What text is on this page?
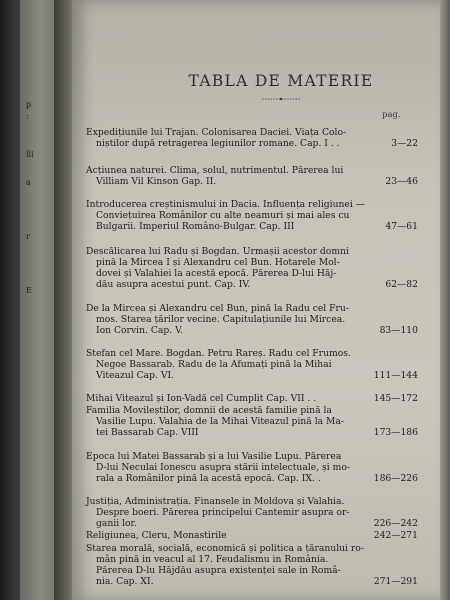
p
:
lli
a
r
E
TABLA DE MATERIE
pag.
Expedițiunile lui Trajan. Colonisarea Daciei. Viața Colo-
niștilor după retragerea legiunilor romane. Cap. I . .	3—22
Acțiunea naturei. Clima, solul, nutrimentul. Părerea lui
Villiam Vil Kinson Gap. II.	23—46
Introducerea creștinismului in Dacia. Influența religiunei —
Conviețuirea Românilor cu alte neamuri și mai ales cu
Bulgarii. Imperiul Româno-Bulgar. Cap. III	47—61
Descălicarea lui Radu și Bogdan. Urmașii acestor domni
pină la Mircea I și Alexandru cel Bun. Hotarele Mol-
dovei și Valahiei la acestă epocă. Părerea D-lui Hăj-
dău asupra acestui punt. Cap. IV.	62—82
De la Mircea și Alexandru cel Bun, pină la Radu cel Fru-
mos. Starea țărilor vecine. Capitulațiunile lui Mircea.
Ion Corvin. Cap. V.	83—110
Stefan cel Mare. Bogdan. Petru Rareș. Radu cel Frumos.
Negoe Bassarab. Radu de la Afumați pină la Mihai
Viteazul Cap. VI.	111—144
Mihai Viteazul și Ion-Vadă cel Cumplit Cap. VII . .	145—172
Familia Movileștilor, domnii de acestă familie pină la
Vasilie Lupu. Valahia de la Mihai Viteazul pină la Ma-
tei Bassarab Cap. VIII	173—186
Epoca lui Matei Bassarab și a lui Vasilie Lupu. Părerea
D-lui Neculai Ionescu asupra stării intelectuale, și mo-
rala a Românilor pină la acestă epocă. Cap. IX. .	186—226
Justiția, Administrația. Finansele in Moldova și Valahia.
Despre boeri. Părerea principelui Cantemir asupra or-
ganii lor.	226—242
Religiunea, Cleru, Monastirile	242—271
Starea morală, socială, economică și politica a țăranului ro-
mân pină in veacul al 17. Feudalismu in România.
Părerea D-lu Hăjdău asupra existenței sale in Româ-
nia. Cap. XI.	271—291
